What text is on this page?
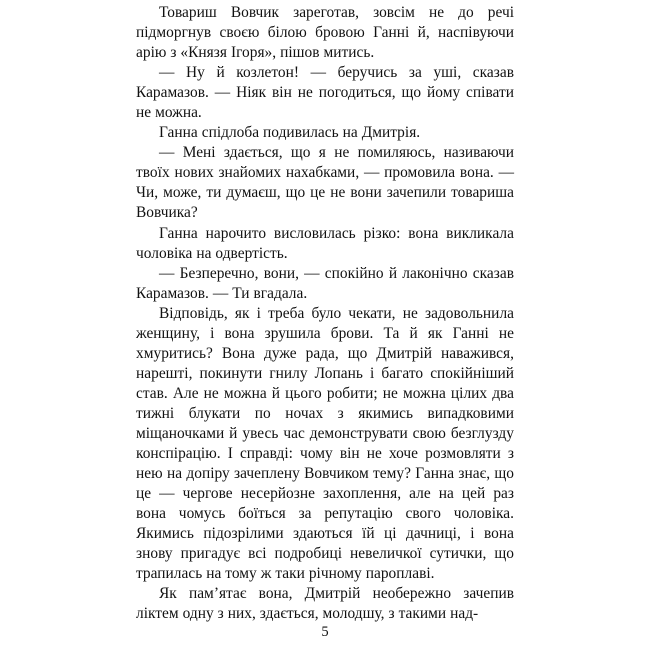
Товариш Вовчик зареготав, зовсім не до речі підморгнув своєю білою бровою Ганні й, наспівуючи арію з «Князя Ігоря», пішов митись.

— Ну й козлетон! — беручись за уші, сказав Карамазов. — Ніяк він не погодиться, що йому співати не можна.

Ганна спідлоба подивилась на Дмитрія.

— Мені здається, що я не помиляюсь, називаючи твоїх нових знайомих нахабками, — промовила вона. — Чи, може, ти думаєш, що це не вони зачепили товариша Вовчика?

Ганна нарочито висловилась різко: вона викликала чоловіка на одвертість.

— Безперечно, вони, — спокійно й лаконічно сказав Карамазов. — Ти вгадала.

Відповідь, як і треба було чекати, не задовольнила женщину, і вона зрушила брови. Та й як Ганні не хмуритись? Вона дуже рада, що Дмитрій наважився, нарешті, покинути гнилу Лопань і багато спокійніший став. Але не можна й цього робити; не можна цілих два тижні блукати по ночах з якимись випадковими міщаночками й увесь час демонструвати свою безглузду конспірацію. І справді: чому він не хоче розмовляти з нею на допіру зачеплену Вовчиком тему? Ганна знає, що це — чергове несерйозне захоплення, але на цей раз вона чомусь боїться за репутацію свого чоловіка. Якимись підозрілими здаються їй ці дачниці, і вона знову пригадує всі подробиці невеличкої сутички, що трапилась на тому ж таки річному пароплаві.

Як пам’ятає вона, Дмитрій необережно зачепив ліктем одну з них, здається, молодшу, з такими над-

5
